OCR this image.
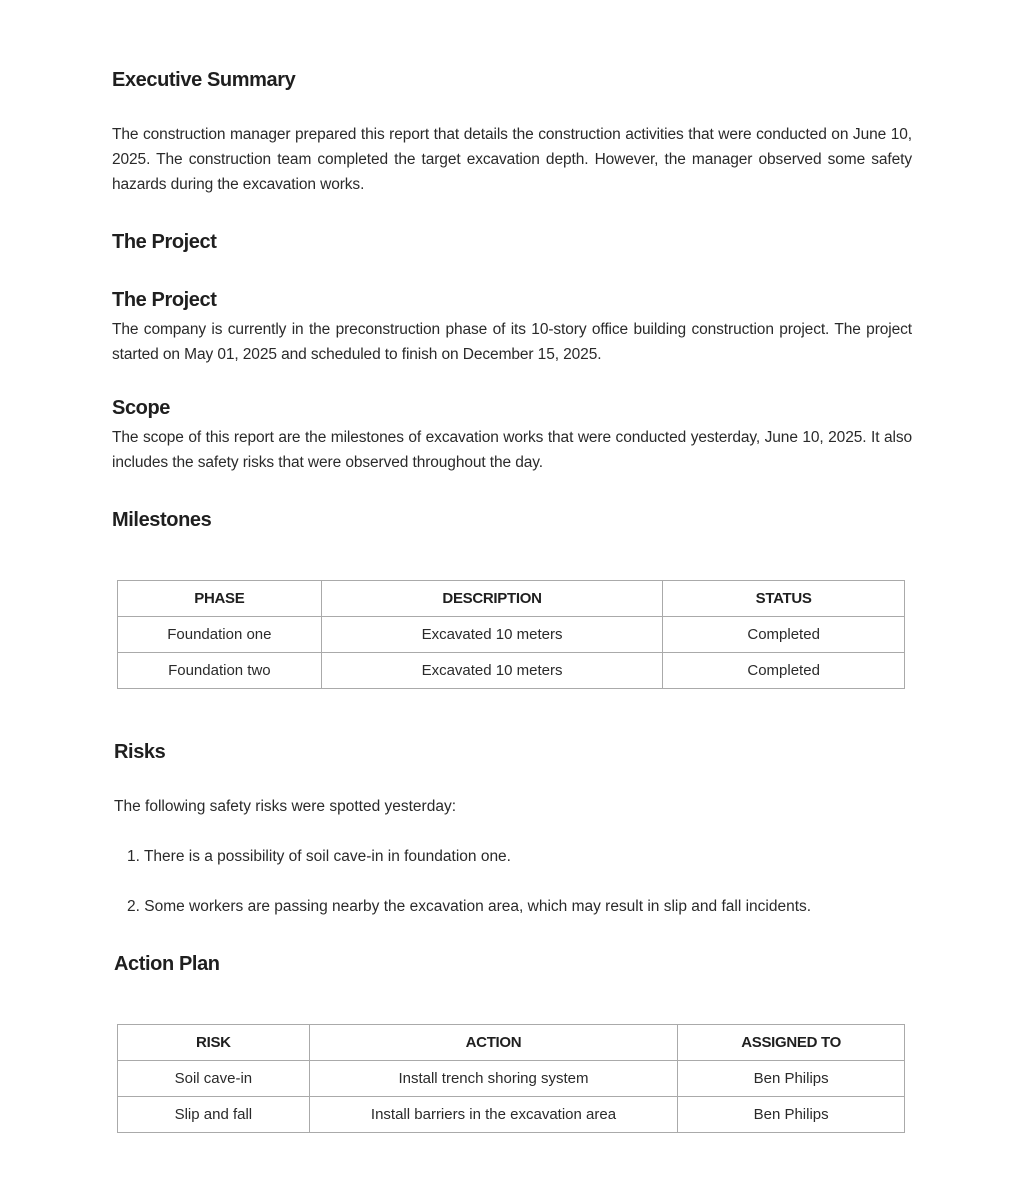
Executive Summary

The construction manager prepared this report that details the construction activities that were conducted on June 10, 2025. The construction team completed the target excavation depth. However, the manager observed some safety hazards during the excavation works.

The Project
The Project

The company is currently in the preconstruction phase of its 10-story office building construction project. The project started on May 01, 2025 and scheduled to finish on December 15, 2025.

Scope

The scope of this report are the milestones of excavation works that were conducted yesterday, June 10, 2025. It also includes the safety risks that were observed throughout the day.

Milestones
PHASE	DESCRIPTION	STATUS
Foundation one	Excavated 10 meters	Completed
Foundation two	Excavated 10 meters	Completed
Risks

The following safety risks were spotted yesterday:

1. There is a possibility of soil cave-in in foundation one.

2. Some workers are passing nearby the excavation area, which may result in slip and fall incidents.

Action Plan
RISK	ACTION	ASSIGNED TO
Soil cave-in	Install trench shoring system	Ben Philips
Slip and fall	Install barriers in the excavation area	Ben Philips
